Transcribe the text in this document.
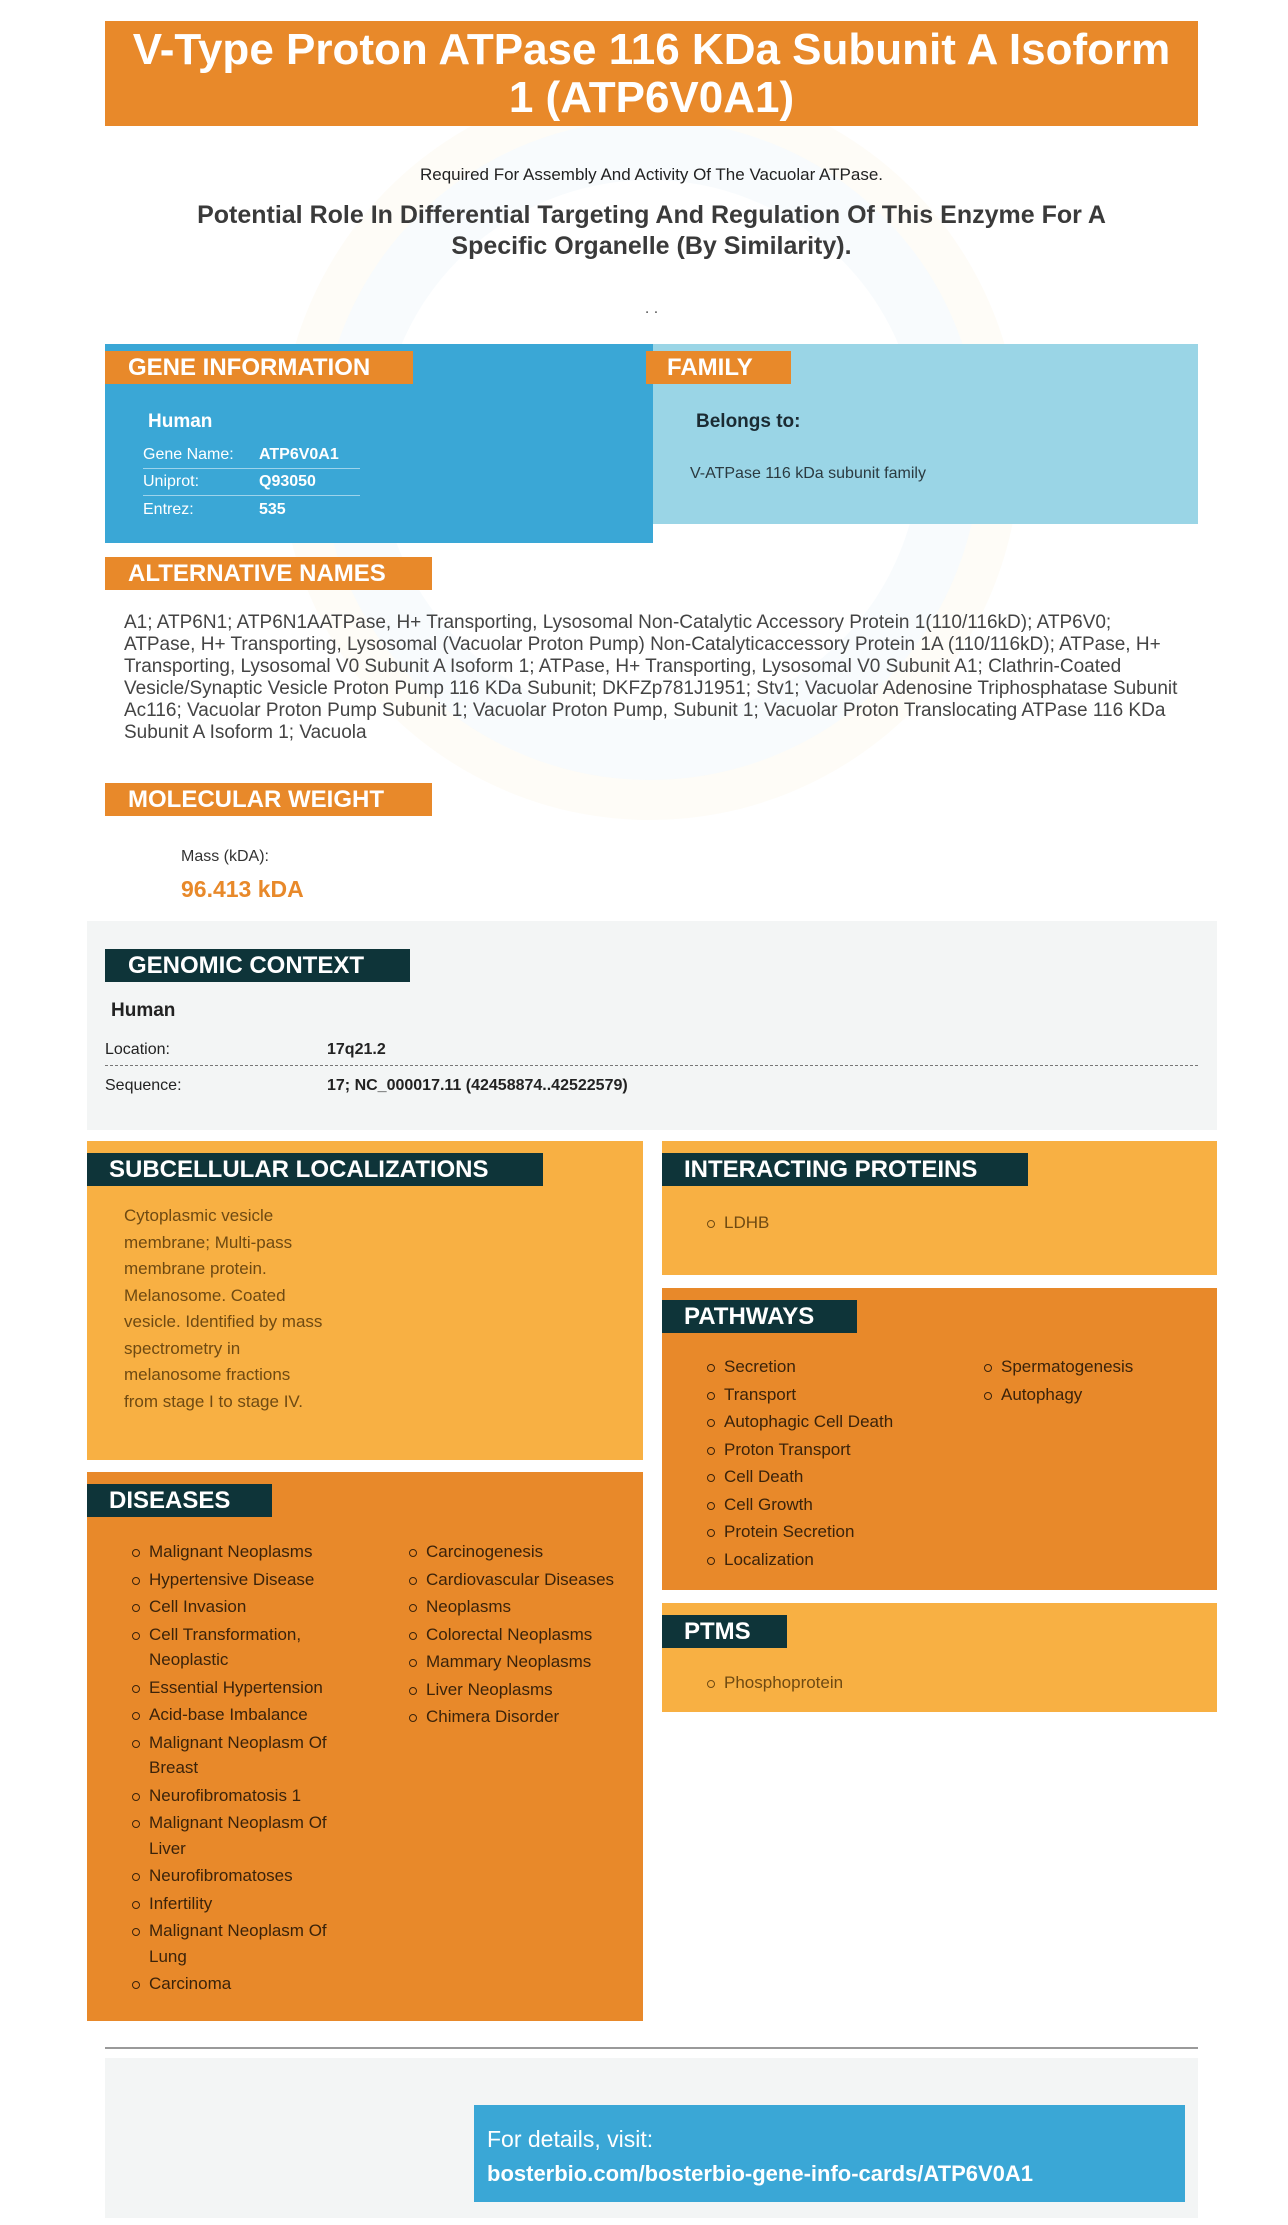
V-Type Proton ATPase 116 KDa Subunit A Isoform 1 (ATP6V0A1)
Required For Assembly And Activity Of The Vacuolar ATPase.
Potential Role In Differential Targeting And Regulation Of This Enzyme For A Specific Organelle (By Similarity).
. .
GENE INFORMATION
Human
Gene Name:	ATP6V0A1
Uniprot:	Q93050
Entrez:	535
FAMILY
Belongs to:
V-ATPase 116 kDa subunit family
ALTERNATIVE NAMES
A1; ATP6N1; ATP6N1AATPase, H+ Transporting, Lysosomal Non-Catalytic Accessory Protein 1(110/116kD); ATP6V0; ATPase, H+ Transporting, Lysosomal (Vacuolar Proton Pump) Non-Catalyticaccessory Protein 1A (110/116kD); ATPase, H+ Transporting, Lysosomal V0 Subunit A Isoform 1; ATPase, H+ Transporting, Lysosomal V0 Subunit A1; Clathrin-Coated Vesicle/Synaptic Vesicle Proton Pump 116 KDa Subunit; DKFZp781J1951; Stv1; Vacuolar Adenosine Triphosphatase Subunit Ac116; Vacuolar Proton Pump Subunit 1; Vacuolar Proton Pump, Subunit 1; Vacuolar Proton Translocating ATPase 116 KDa Subunit A Isoform 1; Vacuola
MOLECULAR WEIGHT
Mass (kDA):
96.413 kDA
GENOMIC CONTEXT
Human
Location:	17q21.2
Sequence:	17; NC_000017.11 (42458874..42522579)
SUBCELLULAR LOCALIZATIONS
Cytoplasmic vesicle membrane; Multi-pass membrane protein. Melanosome. Coated vesicle. Identified by mass spectrometry in melanosome fractions from stage I to stage IV.
INTERACTING PROTEINS
LDHB
PATHWAYS
Secretion
Transport
Autophagic Cell Death
Proton Transport
Cell Death
Cell Growth
Protein Secretion
Localization
Spermatogenesis
Autophagy
PTMS
Phosphoprotein
DISEASES
Malignant Neoplasms
Hypertensive Disease
Cell Invasion
Cell Transformation, Neoplastic
Essential Hypertension
Acid-base Imbalance
Malignant Neoplasm Of Breast
Neurofibromatosis 1
Malignant Neoplasm Of Liver
Neurofibromatoses
Infertility
Malignant Neoplasm Of Lung
Carcinoma
Carcinogenesis
Cardiovascular Diseases
Neoplasms
Colorectal Neoplasms
Mammary Neoplasms
Liver Neoplasms
Chimera Disorder
For details, visit:
bosterbio.com/bosterbio-gene-info-cards/ATP6V0A1
